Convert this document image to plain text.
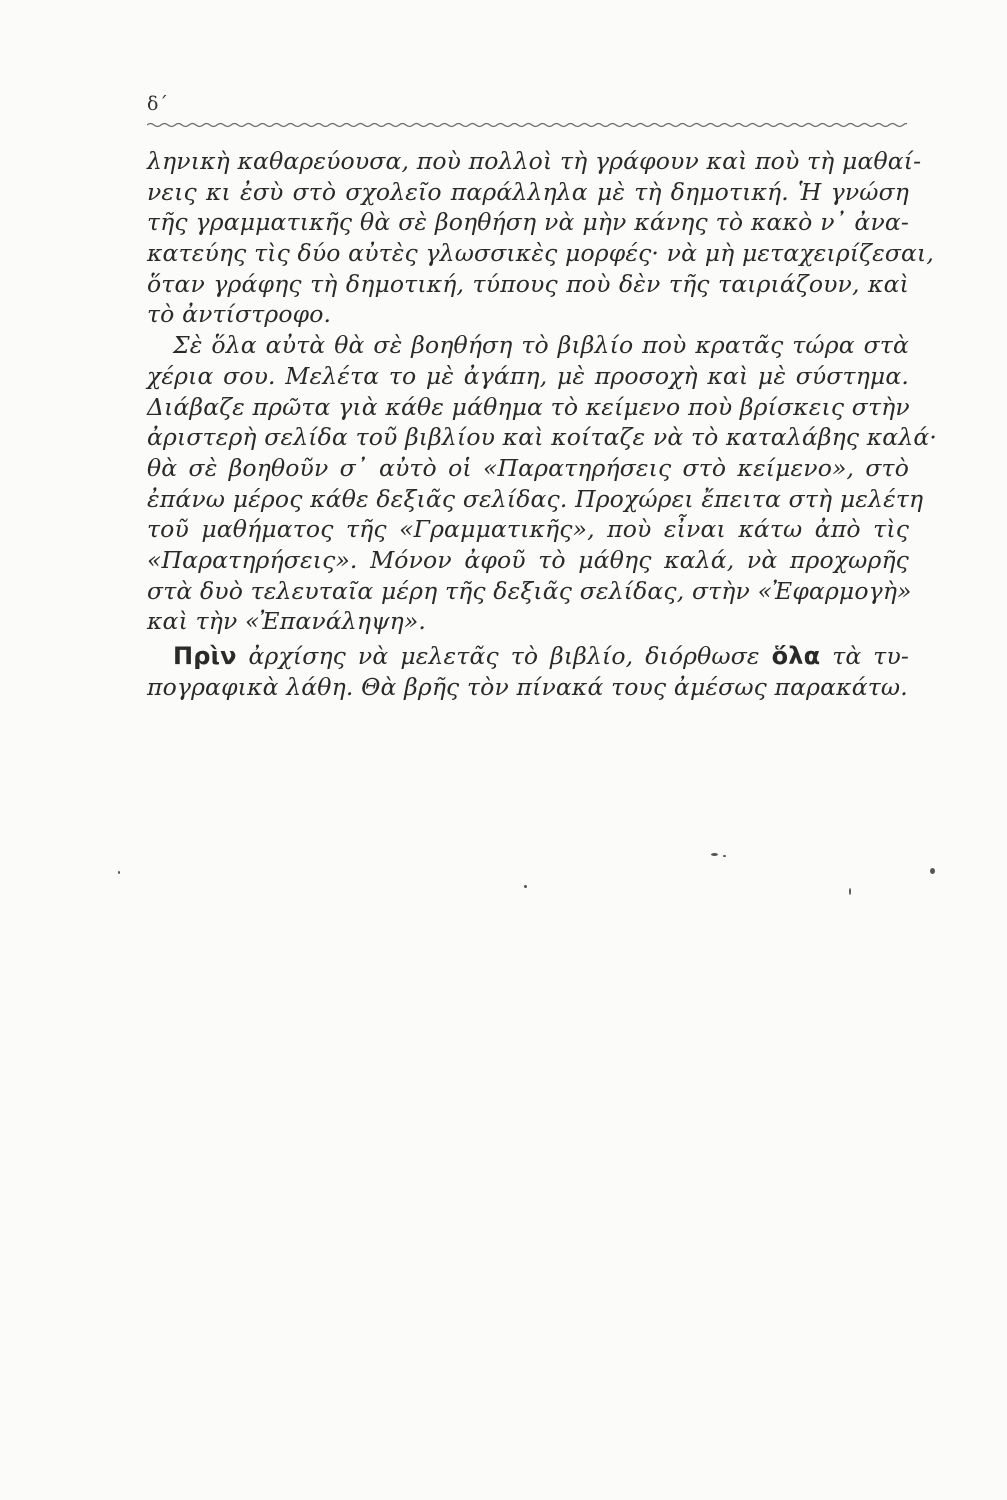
δ΄
ληνικὴ καθαρεύουσα, ποὺ πολλοὶ τὴ γράφουν καὶ ποὺ τὴ μαθαί-
νεις κι ἐσὺ στὸ σχολεῖο παράλληλα μὲ τὴ δημοτική. Ἡ γνώση
τῆς γραμματικῆς θὰ σὲ βοηθήση νὰ μὴν κάνης τὸ κακὸ ν᾿ ἀνα-
κατεύης τὶς δύο αὐτὲς γλωσσικὲς μορφές· νὰ μὴ μεταχειρίζεσαι,
ὅταν γράφης τὴ δημοτική, τύπους ποὺ δὲν τῆς ταιριάζουν, καὶ
τὸ ἀντίστροφο.
Σὲ ὅλα αὐτὰ θὰ σὲ βοηθήση τὸ βιβλίο ποὺ κρατᾶς τώρα στὰ
χέρια σου. Μελέτα το μὲ ἀγάπη, μὲ προσοχὴ καὶ μὲ σύστημα.
Διάβαζε πρῶτα γιὰ κάθε μάθημα τὸ κείμενο ποὺ βρίσκεις στὴν
ἀριστερὴ σελίδα τοῦ βιβλίου καὶ κοίταζε νὰ τὸ καταλάβης καλά·
θὰ σὲ βοηθοῦν σ᾿ αὐτὸ οἱ «Παρατηρήσεις στὸ κείμενο», στὸ
ἐπάνω μέρος κάθε δεξιᾶς σελίδας. Προχώρει ἔπειτα στὴ μελέτη
τοῦ μαθήματος τῆς «Γραμματικῆς», ποὺ εἶναι κάτω ἀπὸ τὶς
«Παρατηρήσεις». Μόνον ἀφοῦ τὸ μάθης καλά, νὰ προχωρῆς
στὰ δυὸ τελευταῖα μέρη τῆς δεξιᾶς σελίδας, στὴν «Ἐφαρμογὴ»
καὶ τὴν «Ἐπανάληψη».
Πρὶν ἀρχίσης νὰ μελετᾶς τὸ βιβλίο, διόρθωσε ὅλα τὰ τυ-
πογραφικὰ λάθη. Θὰ βρῆς τὸν πίνακά τους ἀμέσως παρακάτω.
